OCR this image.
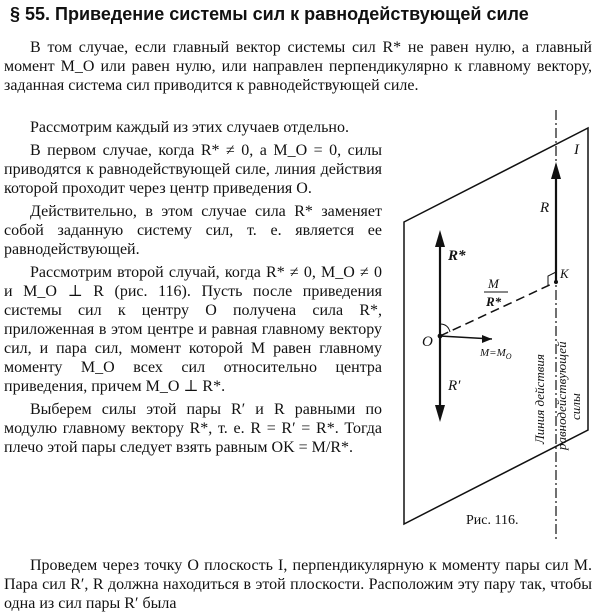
§ 55. Приведение системы сил к равнодействующей силе

В том случае, если главный вектор системы сил R* не равен нулю, а главный момент M_O или равен нулю, или направлен перпендикулярно к главному вектору, заданная система сил приводится к равнодействующей силе.

Рассмотрим каждый из этих случаев отдельно.

В первом случае, когда R* ≠ 0, а M_O = 0, силы приводятся к равнодействующей силе, линия действия которой проходит через центр приведения O.

Действительно, в этом случае сила R* заменяет собой заданную систему сил, т. е. является ее равнодействующей.

Рассмотрим второй случай, когда R* ≠ 0, M_O ≠ 0 и M_O ⊥ R (рис. 116). Пусть после приведения системы сил к центру O получена сила R*, приложенная в этом центре и равная главному вектору сил, и пара сил, момент которой M равен главному моменту M_O всех сил относительно центра приведения, причем M_O ⊥ R*.

Выберем силы этой пары R′ и R равными по модулю главному вектору R*, т. е. R = R′ = R*. Тогда плечо этой пары следует взять равным OK = M/R*.

Проведем через точку O плоскость I, перпендикулярную к моменту пары сил M. Пара сил R′, R должна находиться в этой плоскости. Расположим эту пару так, чтобы одна из сил пары R′ была

I
R
R*
R′
O
K
M
R*
$M=M_O$ Линия действия равнодействующей силы
Рис. 116.
